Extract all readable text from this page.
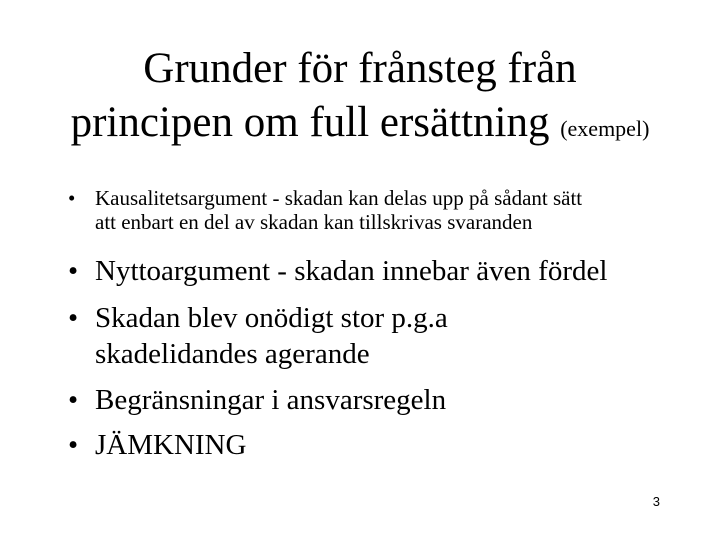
Grunder för frånsteg från
principen om full ersättning (exempel)
• Kausalitetsargument - skadan kan delas upp på sådant sätt
att enbart en del av skadan kan tillskrivas svaranden
• Nyttoargument - skadan innebar även fördel
• Skadan blev onödigt stor p.g.a
skadelidandes agerande
• Begränsningar i ansvarsregeln
• JÄMKNING
3
